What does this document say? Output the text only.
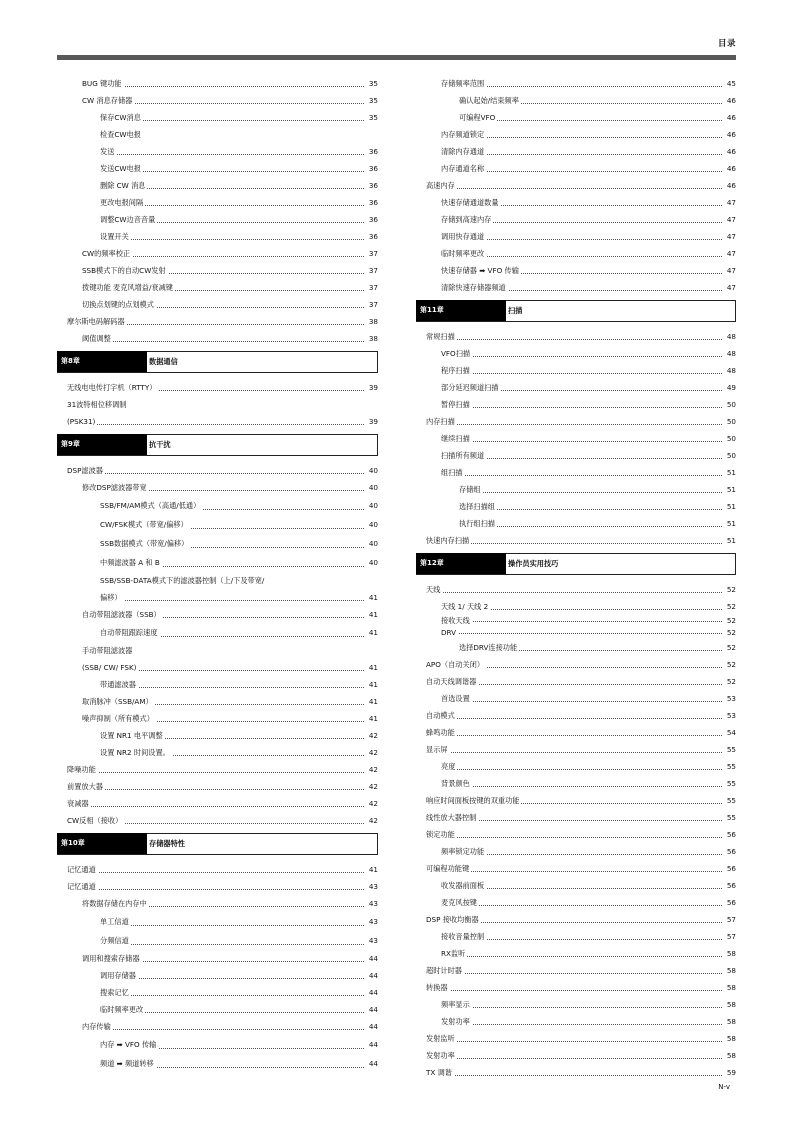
目录
BUG 键功能	35
CW 消息存储器	35
保存CW消息	35
检查CW电报
发送	36
发送CW电报	36
删除 CW 消息	36
更改电报间隔	36
调整CW边音音量	36
设置开关	36
CW的频率校正	37
SSB模式下的自动CW发射	37
拨键功能 麦克风增益/衰减键	37
切换点划键的点划模式	37
摩尔斯电码解码器	38
阈值调整	38
第8章	数据通信
无线电电传打字机（RTTY）	39
31波特相位移调制
(PSK31)	39
第9章	抗干扰
DSP滤波器	40
修改DSP滤波器带宽	40
SSB/FM/AM模式（高通/低通）	40
CW/FSK模式（带宽/偏移）	40
SSB数据模式（带宽/偏移）	40
中频滤波器 A 和 B	40
SSB/SSB-DATA模式下的滤波器控制（上/下及带宽/
偏移）	41
自动带阻滤波器（SSB）	41
自动带阻跟踪速度	41
手动带阻滤波器
(SSB/ CW/ FSK)	41
带通滤波器	41
取消脉冲（SSB/AM）	41
噪声抑制（所有模式）	41
设置 NR1 电平调整	42
设置 NR2 时间设置。	42
降噪功能	42
前置放大器	42
衰减器	42
CW反相（接收）	42
第10章	存储器特性
记忆通道	41
记忆通道	43
将数据存储在内存中	43
单工信道	43
分频信道	43
调用和搜索存储器	44
调用存储器	44
搜索记忆	44
临时频率更改	44
内存传输	44
内存 ➡ VFO 传输	44
频道 ➡ 频道转移	44
存储频率范围	45
确认起始/结束频率	46
可编程VFO	46
内存频道锁定	46
清除内存通道	46
内存通道名称	46
高速内存	46
快速存储通道数量	47
存储到高速内存	47
调用快存通道	47
临时频率更改	47
快速存储器 ➡ VFO 传输	47
清除快速存储器频道	47
第11章	扫描
常规扫描	48
VFO扫描	48
程序扫描	48
部分延迟频道扫描	49
暂停扫描	50
内存扫描	50
继续扫描	50
扫描所有频道	50
组扫描	51
存储组	51
选择扫描组	51
执行组扫描	51
快速内存扫描	51
第12章	操作员实用技巧
天线	52
天线 1/ 天线 2	52
接收天线	52
DRV	52
选择DRV连接功能	52
APO（自动关闭）	52
自动天线调谐器	52
首选设置	53
自动模式	53
蜂鸣功能	54
显示屏	55
亮度	55
背景颜色	55
响应时间面板按键的双重功能	55
线性放大器控制	55
锁定功能	56
频率锁定功能	56
可编程功能键	56
收发器前面板	56
麦克风按键	56
DSP 接收均衡器	57
接收音量控制	57
RX监听	58
超时计时器	58
转换器	58
频率显示	58
发射功率	58
发射监听	58
发射功率	58
TX 调谐	59
N-v
